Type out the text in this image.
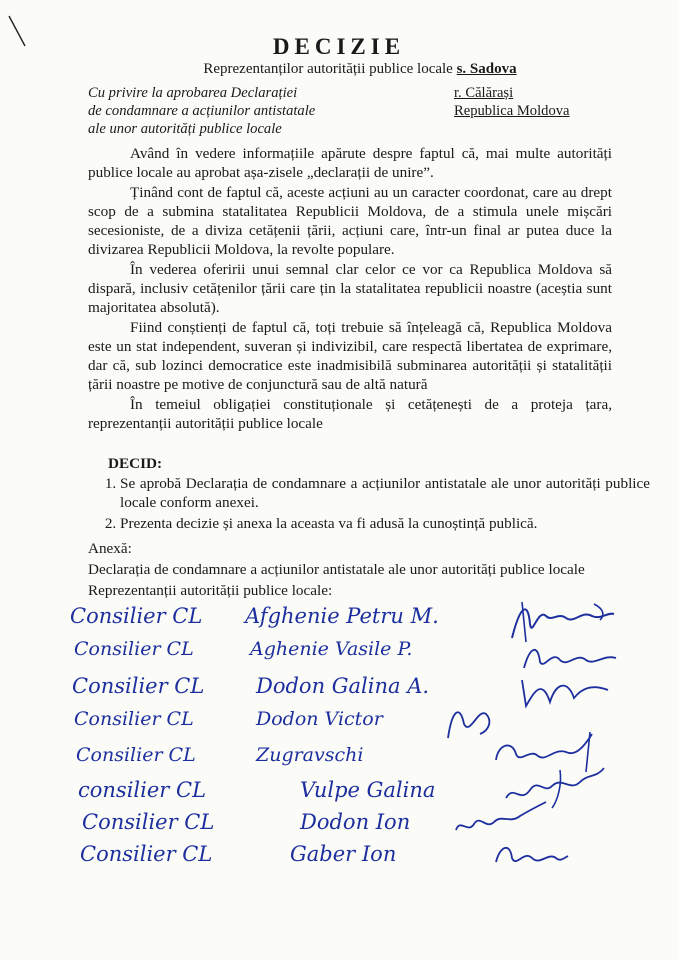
DECIZIE
Reprezentanților autorității publice locale s. Sadova
Cu privire la aprobarea Declarației
de condamnare a acțiunilor antistatale
ale unor autorități publice locale
r. Călărași
Republica Moldova

Având în vedere informațiile apărute despre faptul că, mai multe autorități publice locale au aprobat așa-zisele „declarații de unire”.

Ținând cont de faptul că, aceste acțiuni au un caracter coordonat, care au drept scop de a submina statalitatea Republicii Moldova, de a stimula unele mișcări secesioniste, de a diviza cetățenii țării, acțiuni care, într-un final ar putea duce la divizarea Republicii Moldova, la revolte populare.

În vederea oferirii unui semnal clar celor ce vor ca Republica Moldova să dispară, inclusiv cetățenilor țării care țin la statalitatea republicii noastre (aceștia sunt majoritatea absolută).

Fiind conștienți de faptul că, toți trebuie să înțeleagă că, Republica Moldova este un stat independent, suveran și indivizibil, care respectă libertatea de exprimare, dar că, sub lozinci democratice este inadmisibilă subminarea autorității și statalității țării noastre pe motive de conjunctură sau de altă natură

În temeiul obligației constituționale și cetățenești de a proteja țara, reprezentanții autorității publice locale

DECID:
1. Se aprobă Declarația de condamnare a acțiunilor antistatale ale unor autorități publice locale conform anexei.
2. Prezenta decizie și anexa la aceasta va fi adusă la cunoștință publică.
Anexă:
Declarația de condamnare a acțiunilor antistatale ale unor autorități publice locale
Reprezentanții autorității publice locale:
Consilier CL Afghenie Petru M.
Consilier CL	Aghenie Vasile P.
Consilier CL Dodon Galina A.
Consilier CL	Dodon Victor
Consilier CL	Zugravschi
consilier CL	Vulpe Galina
Consilier CL	Dodon Ion
Consilier CL	Gaber Ion
